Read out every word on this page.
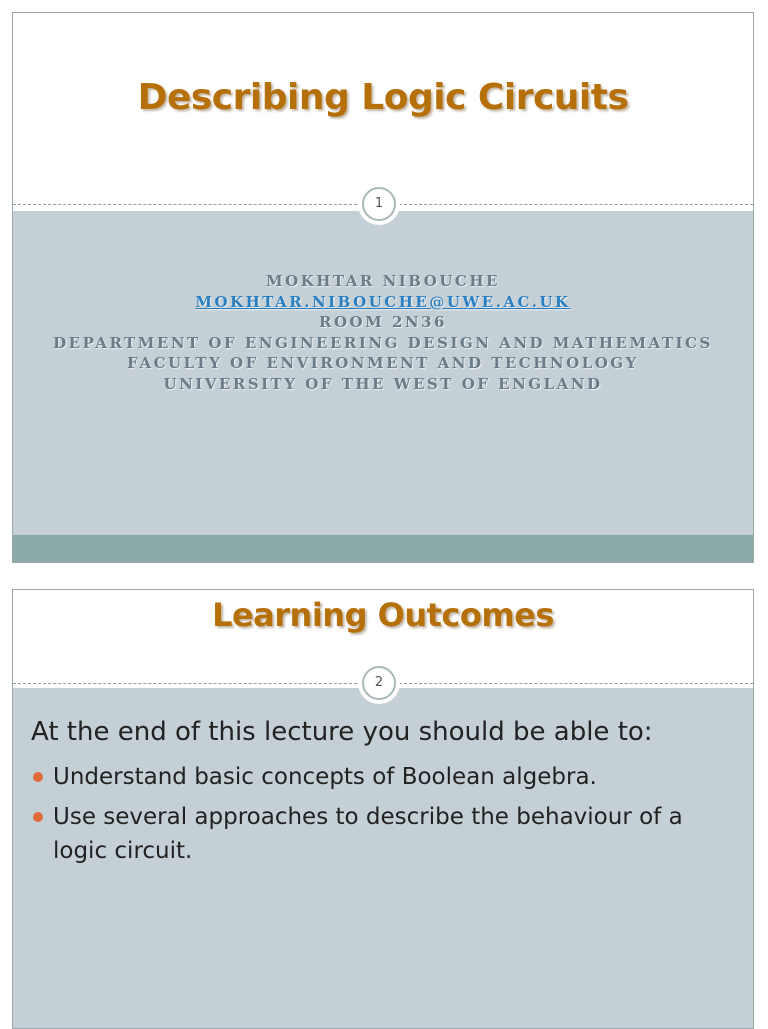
Describing Logic Circuits
1
MOKHTAR NIBOUCHE
MOKHTAR.NIBOUCHE@UWE.AC.UK
ROOM 2N36
DEPARTMENT OF ENGINEERING DESIGN AND MATHEMATICS
FACULTY OF ENVIRONMENT AND TECHNOLOGY
UNIVERSITY OF THE WEST OF ENGLAND
Learning Outcomes
2
At the end of this lecture you should be able to:
Understand basic concepts of Boolean algebra.
Use several approaches to describe the behaviour of a logic circuit.
